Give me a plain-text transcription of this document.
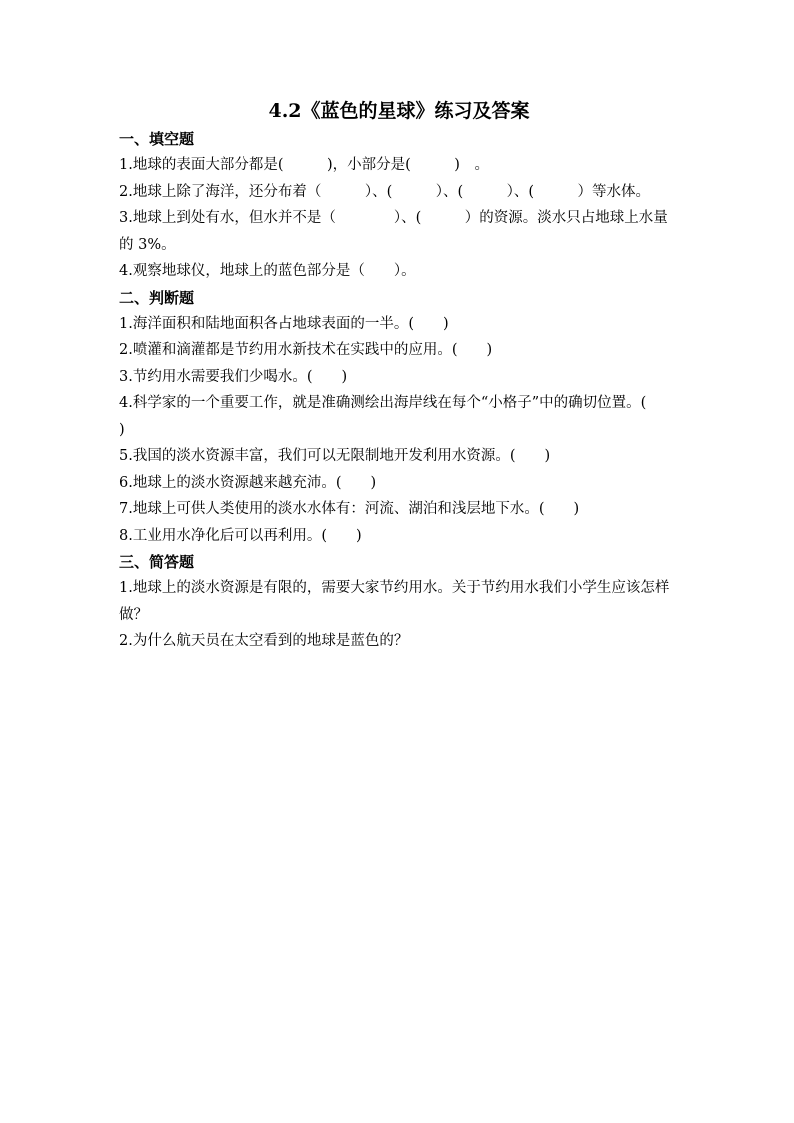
4.2《蓝色的星球》练习及答案

一、填空题

1.地球的表面大部分都是(　　　)，小部分是(　　　)　。

2.地球上除了海洋，还分布着（　　　）、(　　　）、(　　　）、(　　　）等水体。

3.地球上到处有水，但水并不是（　　　　）、(　　　）的资源。淡水只占地球上水量的 3%。

4.观察地球仪，地球上的蓝色部分是（　　）。

二、判断题

1.海洋面积和陆地面积各占地球表面的一半。(　　)

2.喷灌和滴灌都是节约用水新技术在实践中的应用。(　　)

3.节约用水需要我们少喝水。(　　)

4.科学家的一个重要工作，就是准确测绘出海岸线在每个“小格子”中的确切位置。(　　)

5.我国的淡水资源丰富，我们可以无限制地开发利用水资源。(　　)

6.地球上的淡水资源越来越充沛。(　　)

7.地球上可供人类使用的淡水水体有：河流、湖泊和浅层地下水。(　　)

8.工业用水净化后可以再利用。(　　)

三、简答题

1.地球上的淡水资源是有限的，需要大家节约用水。关于节约用水我们小学生应该怎样做？

2.为什么航天员在太空看到的地球是蓝色的？
